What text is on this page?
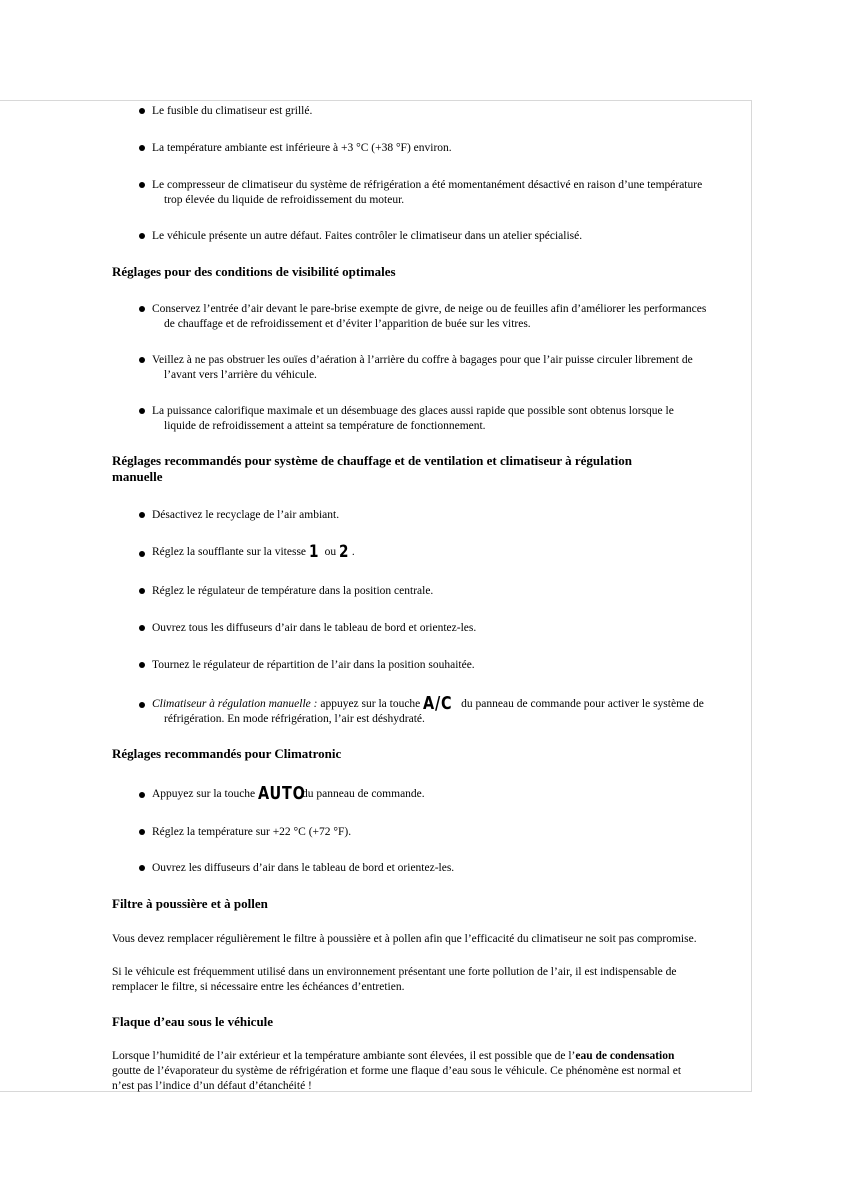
Le fusible du climatiseur est grillé.
La température ambiante est inférieure à +3 °C (+38 °F) environ.
Le compresseur de climatiseur du système de réfrigération a été momentanément désactivé en raison d’une température
trop élevée du liquide de refroidissement du moteur.
Le véhicule présente un autre défaut. Faites contrôler le climatiseur dans un atelier spécialisé.
Réglages pour des conditions de visibilité optimales
Conservez l’entrée d’air devant le pare-brise exempte de givre, de neige ou de feuilles afin d’améliorer les performances
de chauffage et de refroidissement et d’éviter l’apparition de buée sur les vitres.
Veillez à ne pas obstruer les ouïes d’aération à l’arrière du coffre à bagages pour que l’air puisse circuler librement de
l’avant vers l’arrière du véhicule.
La puissance calorifique maximale et un désembuage des glaces aussi rapide que possible sont obtenus lorsque le
liquide de refroidissement a atteint sa température de fonctionnement.
Réglages recommandés pour système de chauffage et de ventilation et climatiseur à régulation
manuelle
Désactivez le recyclage de l’air ambiant.
Réglez la soufflante sur la vitesse 1 ou 2 .
Réglez le régulateur de température dans la position centrale.
Ouvrez tous les diffuseurs d’air dans le tableau de bord et orientez-les.
Tournez le régulateur de répartition de l’air dans la position souhaitée.
Climatiseur à régulation manuelle : appuyez sur la touche A/C du panneau de commande pour activer le système de
réfrigération. En mode réfrigération, l’air est déshydraté.
Réglages recommandés pour Climatronic
Appuyez sur la touche AUTOdu panneau de commande.
Réglez la température sur +22 °C (+72 °F).
Ouvrez les diffuseurs d’air dans le tableau de bord et orientez-les.
Filtre à poussière et à pollen
Vous devez remplacer régulièrement le filtre à poussière et à pollen afin que l’efficacité du climatiseur ne soit pas compromise.
Si le véhicule est fréquemment utilisé dans un environnement présentant une forte pollution de l’air, il est indispensable de
remplacer le filtre, si nécessaire entre les échéances d’entretien.
Flaque d’eau sous le véhicule
Lorsque l’humidité de l’air extérieur et la température ambiante sont élevées, il est possible que de l’eau de condensation
goutte de l’évaporateur du système de réfrigération et forme une flaque d’eau sous le véhicule. Ce phénomène est normal et
n’est pas l’indice d’un défaut d’étanchéité !
